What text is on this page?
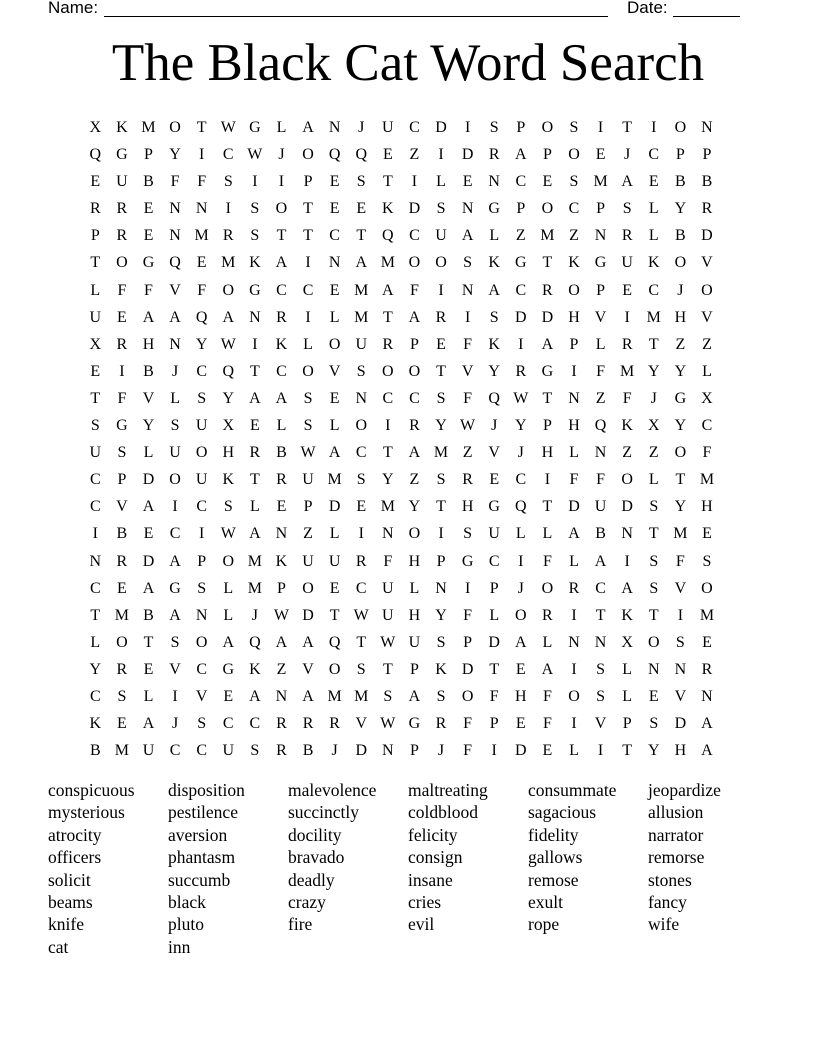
Name:	Date:
The Black Cat Word Search
X K M O T W G L A N	J	U C D	I	S	P	O	S	I	T	I	O N
Q G	P	Y	I	C W J	O Q Q E	Z	I	D R A	P	O E	J	C	P	P
E U B	F	F	S	I	I	P	E	S	T	I	L	E N C	E	S M A E	B B
R R	E N N	I	S	O T	E	E K D	S	N G	P	O C	P	S	L Y R
P	R	E N M R	S	T	T	C	T Q C U A L	Z M Z N R	L	B D
T O G Q E M K A	I	N A M O O	S	K G T K G U K O V
L	F	F	V	F	O G C C	E M A	F	I	N A C R O	P	E	C	J	O
U E A A Q A N R	I	L M T A R	I	S	D D H V	I	M H V
X R H N Y W	I	K L O U R	P	E	F	K	I	A	P	L	R	T	Z	Z
E	I	B	J	C Q T	C O V	S	O O T V Y R G	I	F M Y Y L
T	F	V L	S	Y A A	S	E N C C	S	F	Q W T N Z	F	J	G X
S	G Y	S	U X E	L	S	L O	I	R Y W J	Y	P	H Q K X Y C
U	S	L U O H R B W A C	T A M Z V	J	H L N Z	Z O	F
C	P	D O U K T	R U M S	Y Z	S	R	E	C	I	F	F	O L	T M
C V A	I	C	S	L	E	P	D E M Y T H G Q T D U D	S	Y H
I	B	E	C	I	W A N Z	L	I	N O	I	S	U L	L A B N T M E
N R D A	P	O M K U U R	F	H	P	G C	I	F	L A	I	S	F	S
C	E A G	S	L M P	O E	C U L N	I	P	J	O R C A	S	V O
T M B A N L	J W D T W U H Y	F	L O R	I	T K T	I	M
L O T	S	O A Q A A Q T W U	S	P	D A L N N X O	S	E
Y R	E V C G K Z V O	S	T	P	K D T	E A	I	S	L N N R
C	S	L	I	V E A N A M M S	A	S	O	F	H	F	O	S	L	E V N
K E A	J	S	C C R R R V W G R	F	P	E	F	I	V	P	S	D A
B M U C C U	S	R B	J	D N	P	J	F	I	D E	L	I	T Y H A
conspicuous	disposition	malevolence	maltreating	consummate	jeopardize
mysterious	pestilence	succinctly	coldblood	sagacious	allusion
atrocity	aversion	docility	felicity	fidelity	narrator
officers	phantasm	bravado	consign	gallows	remorse
solicit	succumb	deadly	insane	remose	stones
beams	black	crazy	cries	exult	fancy
knife	pluto	fire	evil	rope	wife
cat	inn
